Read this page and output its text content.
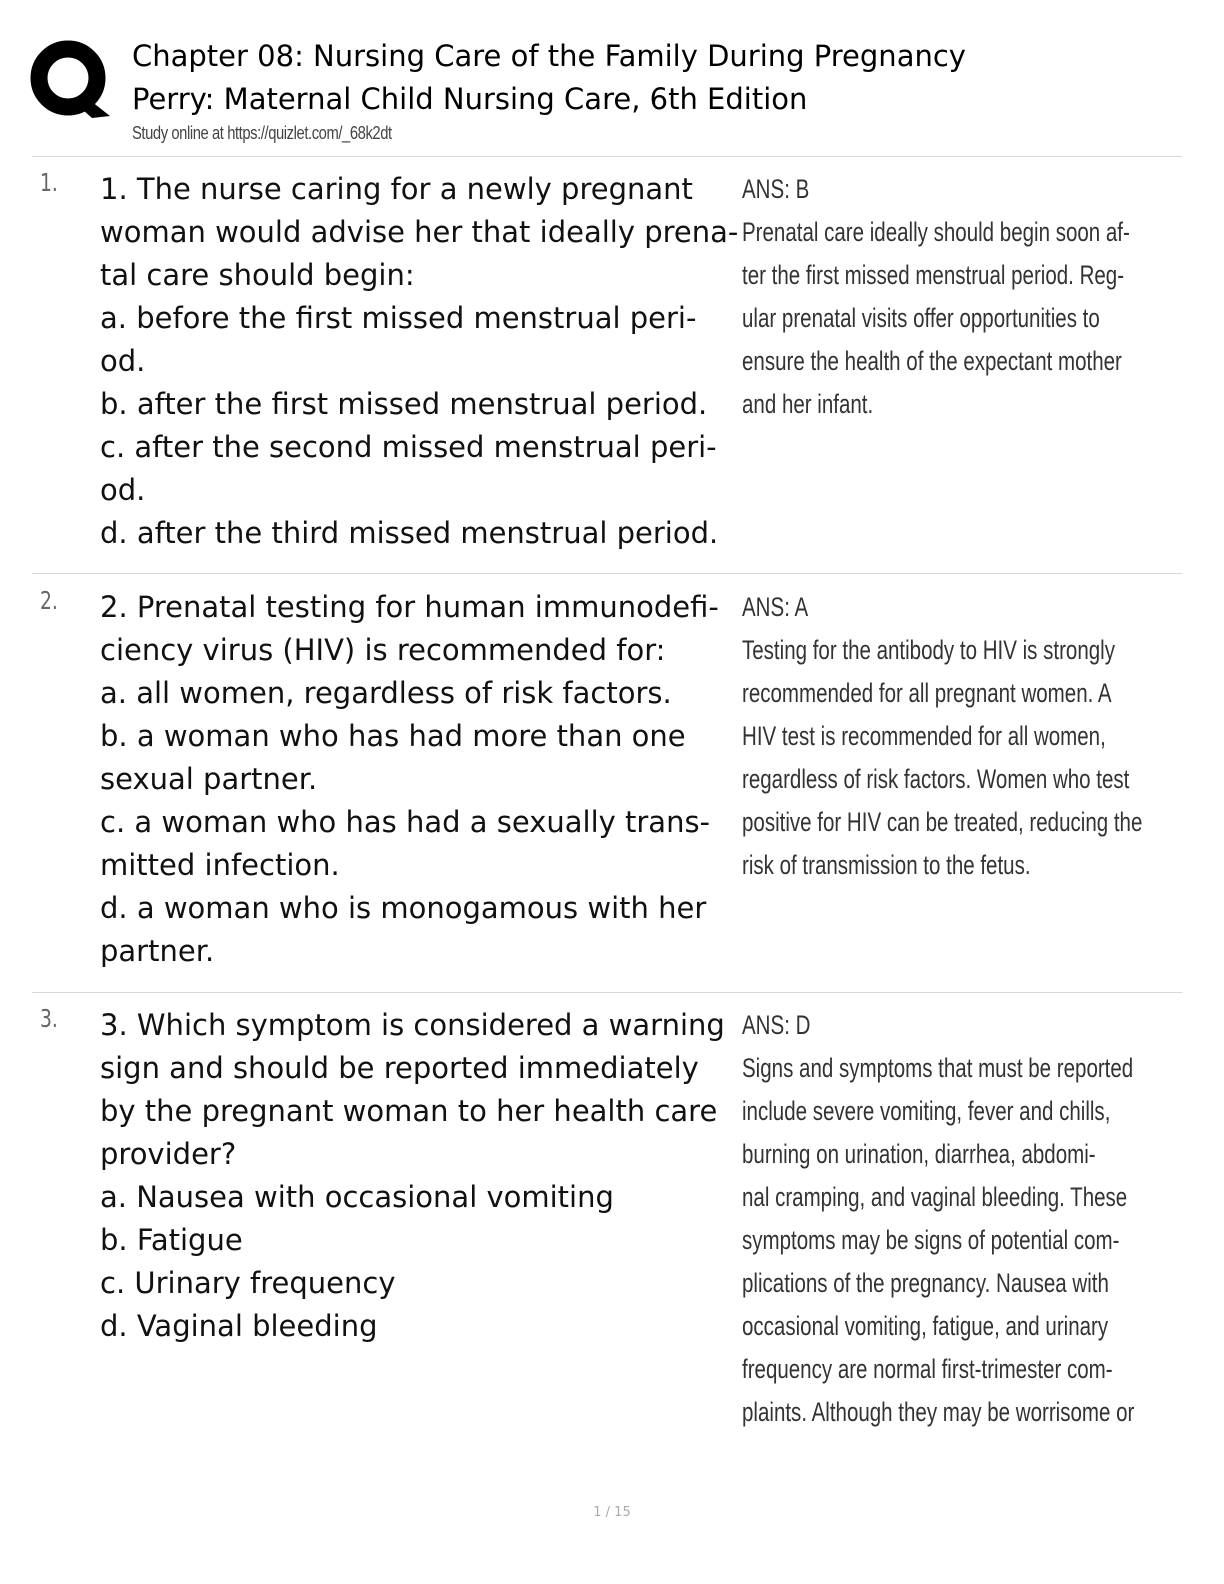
Chapter 08: Nursing Care of the Family During Pregnancy
Perry: Maternal Child Nursing Care, 6th Edition
Study online at https://quizlet.com/_68k2dt
1. 1. The nurse caring for a newly pregnant
woman would advise her that ideally prena-
tal care should begin:
a. before the first missed menstrual peri-
od.
b. after the first missed menstrual period.
c. after the second missed menstrual peri-
od.
d. after the third missed menstrual period.
ANS: B
Prenatal care ideally should begin soon af-
ter the first missed menstrual period. Reg-
ular prenatal visits offer opportunities to
ensure the health of the expectant mother
and her infant.
2. 2. Prenatal testing for human immunodefi-
ciency virus (HIV) is recommended for:
a. all women, regardless of risk factors.
b. a woman who has had more than one
sexual partner.
c. a woman who has had a sexually trans-
mitted infection.
d. a woman who is monogamous with her
partner.
ANS: A
Testing for the antibody to HIV is strongly
recommended for all pregnant women. A
HIV test is recommended for all women,
regardless of risk factors. Women who test
positive for HIV can be treated, reducing the
risk of transmission to the fetus.
3. 3. Which symptom is considered a warning
sign and should be reported immediately
by the pregnant woman to her health care
provider?
a. Nausea with occasional vomiting
b. Fatigue
c. Urinary frequency
d. Vaginal bleeding
ANS: D
Signs and symptoms that must be reported
include severe vomiting, fever and chills,
burning on urination, diarrhea, abdomi-
nal cramping, and vaginal bleeding. These
symptoms may be signs of potential com-
plications of the pregnancy. Nausea with
occasional vomiting, fatigue, and urinary
frequency are normal first-trimester com-
plaints. Although they may be worrisome or
1 / 15
